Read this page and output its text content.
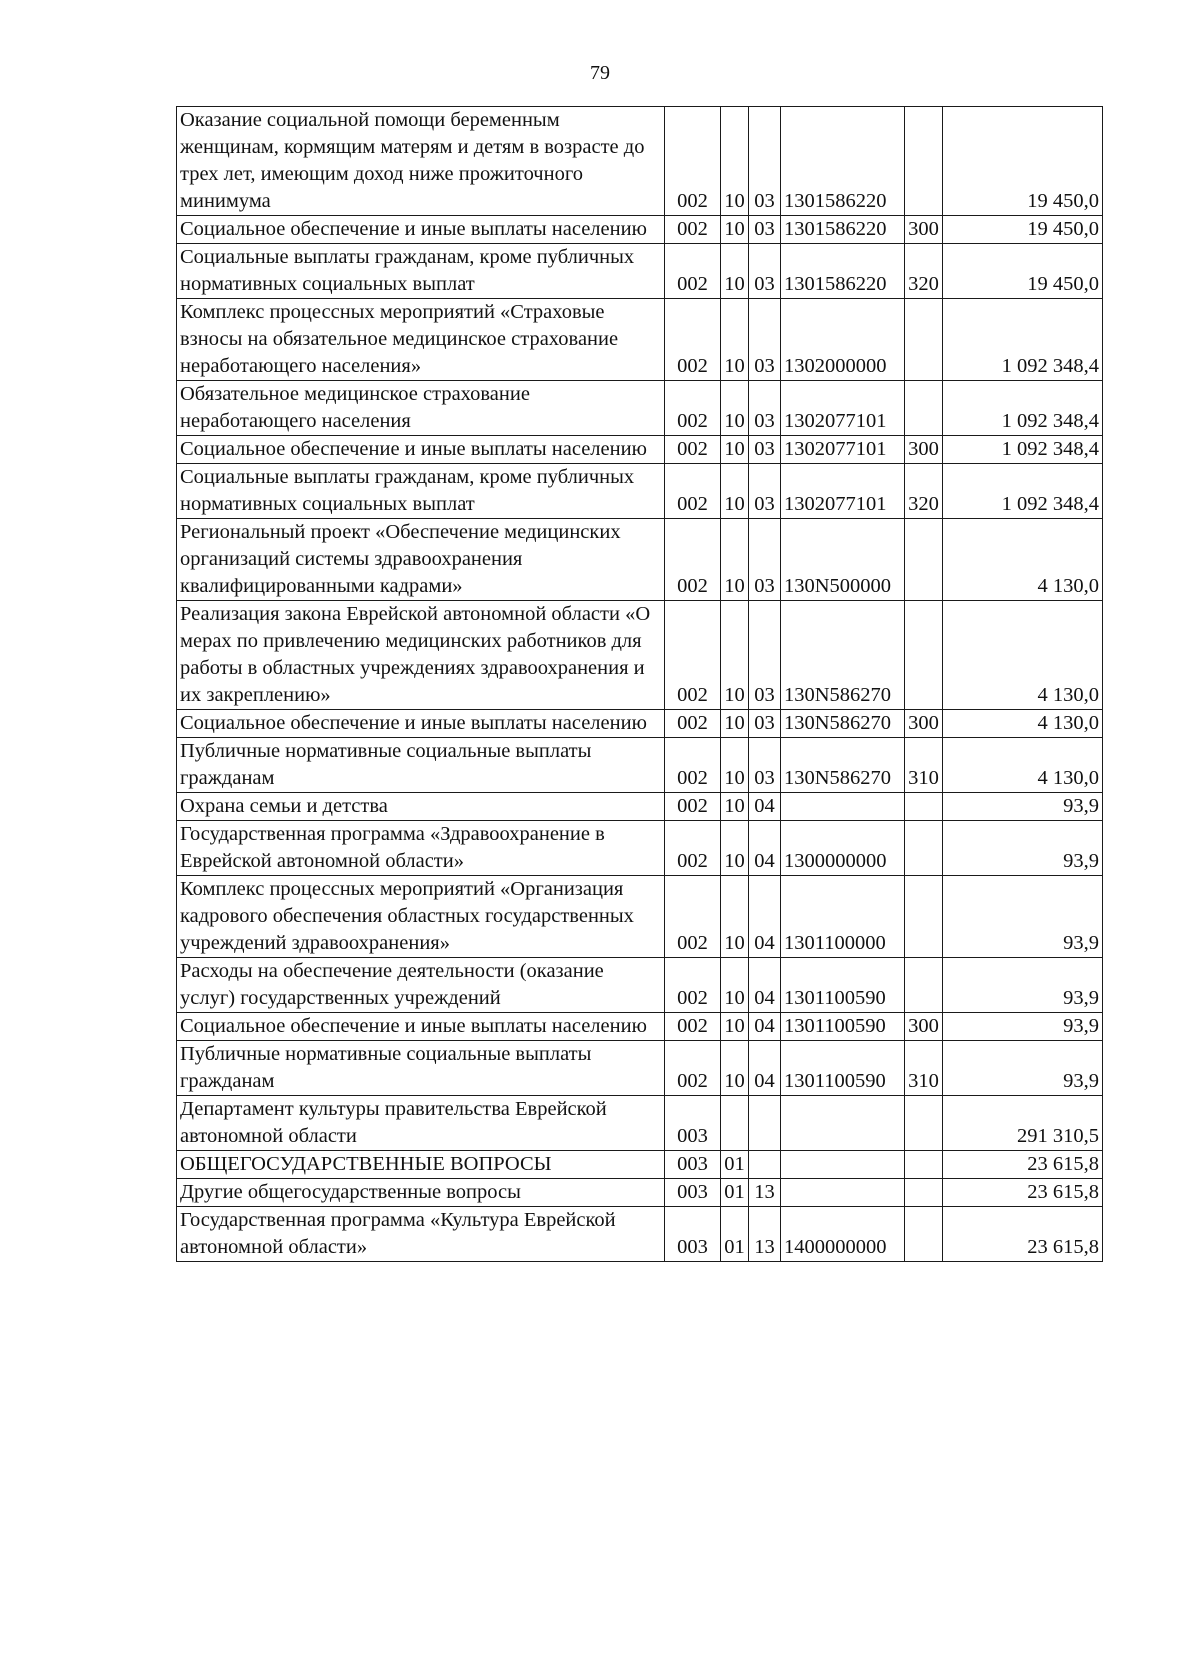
79
Оказание социальной помощи беременным женщинам, кормящим матерям и детям в возрасте до трех лет, имеющим доход ниже прожиточного минимума	002	10	03	1301586220		19 450,0
Социальное обеспечение и иные выплаты населению	002	10	03	1301586220	300	19 450,0
Социальные выплаты гражданам, кроме публичных нормативных социальных выплат	002	10	03	1301586220	320	19 450,0
Комплекс процессных мероприятий «Страховые взносы на обязательное медицинское страхование неработающего населения»	002	10	03	1302000000		1 092 348,4
Обязательное медицинское страхование неработающего населения	002	10	03	1302077101		1 092 348,4
Социальное обеспечение и иные выплаты населению	002	10	03	1302077101	300	1 092 348,4
Социальные выплаты гражданам, кроме публичных нормативных социальных выплат	002	10	03	1302077101	320	1 092 348,4
Региональный проект «Обеспечение медицинских организаций системы здравоохранения квалифицированными кадрами»	002	10	03	130N500000		4 130,0
Реализация закона Еврейской автономной области «О мерах по привлечению медицинских работников для работы в областных учреждениях здравоохранения и их закреплению»	002	10	03	130N586270		4 130,0
Социальное обеспечение и иные выплаты населению	002	10	03	130N586270	300	4 130,0
Публичные нормативные социальные выплаты гражданам	002	10	03	130N586270	310	4 130,0
Охрана семьи и детства	002	10	04			93,9
Государственная программа «Здравоохранение в Еврейской автономной области»	002	10	04	1300000000		93,9
Комплекс процессных мероприятий «Организация кадрового обеспечения областных государственных учреждений здравоохранения»	002	10	04	1301100000		93,9
Расходы на обеспечение деятельности (оказание услуг) государственных учреждений	002	10	04	1301100590		93,9
Социальное обеспечение и иные выплаты населению	002	10	04	1301100590	300	93,9
Публичные нормативные социальные выплаты гражданам	002	10	04	1301100590	310	93,9
Департамент культуры правительства Еврейской автономной области	003					291 310,5
ОБЩЕГОСУДАРСТВЕННЫЕ ВОПРОСЫ	003	01				23 615,8
Другие общегосударственные вопросы	003	01	13			23 615,8
Государственная программа «Культура Еврейской автономной области»	003	01	13	1400000000		23 615,8
